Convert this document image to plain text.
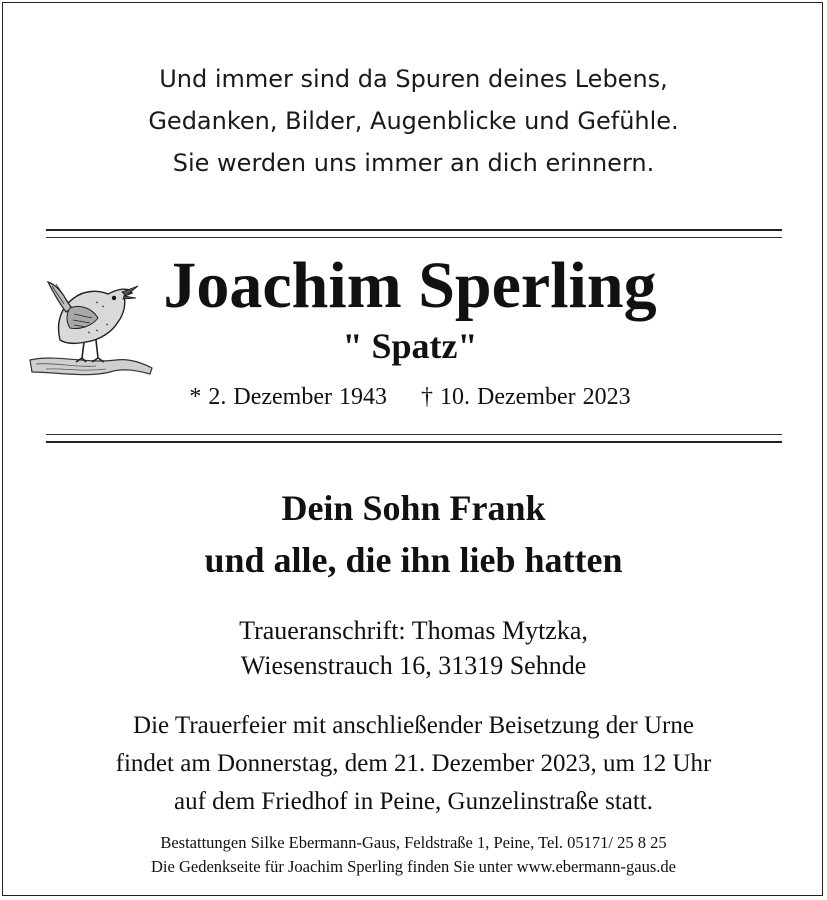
Und immer sind da Spuren deines Lebens,
Gedanken, Bilder, Augenblicke und Gefühle.
Sie werden uns immer an dich erinnern.
Joachim Sperling
" Spatz"
* 2. Dezember 1943 † 10. Dezember 2023
Dein Sohn Frank
und alle, die ihn lieb hatten
Traueranschrift: Thomas Mytzka,
Wiesenstrauch 16, 31319 Sehnde
Die Trauerfeier mit anschließender Beisetzung der Urne
findet am Donnerstag, dem 21. Dezember 2023, um 12 Uhr
auf dem Friedhof in Peine, Gunzelinstraße statt.
Bestattungen Silke Ebermann-Gaus, Feldstraße 1, Peine, Tel. 05171/ 25 8 25
Die Gedenkseite für Joachim Sperling finden Sie unter www.ebermann-gaus.de
